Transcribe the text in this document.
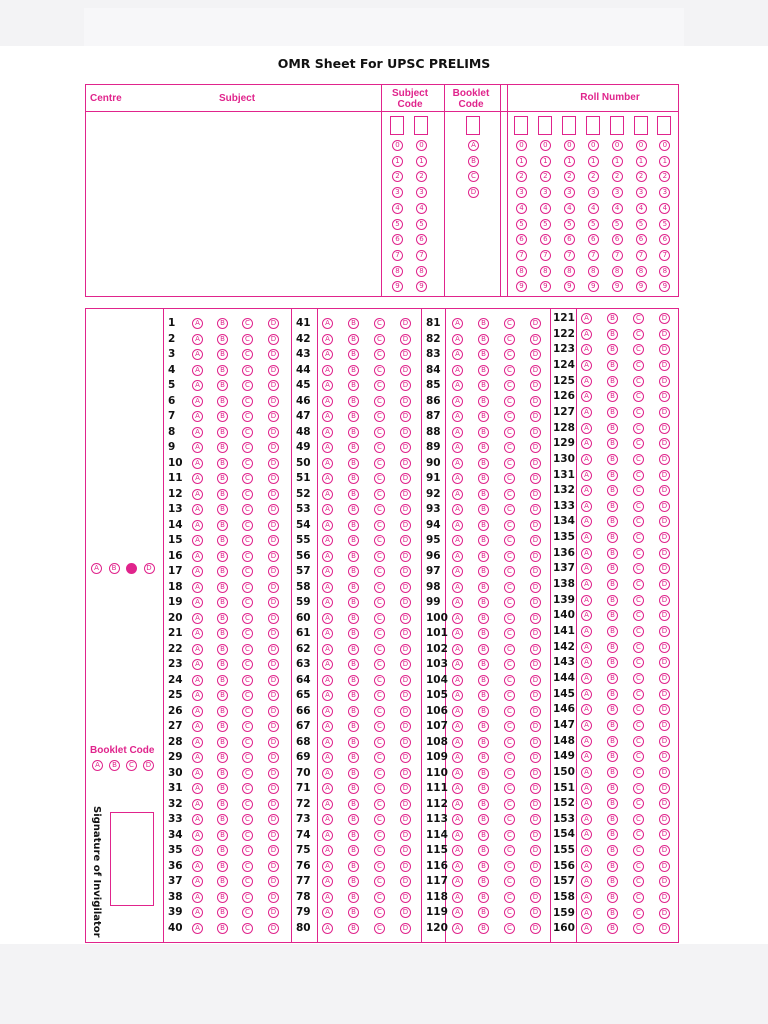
OMR Sheet For UPSC PRELIMS
Centre	Subject	Subject Code
Booklet Code
Roll Number
0
1
2
3
4
5
6
7
8
9
0
1
2
3
4
5
6
7
8
9
A
B
C
D
0
1
2
3
4
5
6
7
8
9
0
1
2
3
4
5
6
7
8
9
0
1
2
3
4
5
6
7
8
9
0
1
2
3
4
5
6
7
8
9
0
1
2
3
4
5
6
7
8
9
0
1
2
3
4
5
6
7
8
9
0
1
2
3
4
5
6
7
8
9
A	B	D
Booklet Code
A	B	C	D
Signature of Invigilator
1	A	B	C	D
2	A	B	C	D
3	A	B	C	D
4	A	B	C	D
5	A	B	C	D
6	A	B	C	D
7	A	B	C	D
8	A	B	C	D
9	A	B	C	D
10	A	B	C	D
11	A	B	C	D
12	A	B	C	D
13	A	B	C	D
14	A	B	C	D
15	A	B	C	D
16	A	B	C	D
17	A	B	C	D
18	A	B	C	D
19	A	B	C	D
20	A	B	C	D
21	A	B	C	D
22	A	B	C	D
23	A	B	C	D
24	A	B	C	D
25	A	B	C	D
26	A	B	C	D
27	A	B	C	D
28	A	B	C	D
29	A	B	C	D
30	A	B	C	D
31	A	B	C	D
32	A	B	C	D
33	A	B	C	D
34	A	B	C	D
35	A	B	C	D
36	A	B	C	D
37	A	B	C	D
38	A	B	C	D
39	A	B	C	D
40	A	B	C	D
41	A	B	C	D
42	A	B	C	D
43	A	B	C	D
44	A	B	C	D
45	A	B	C	D
46	A	B	C	D
47	A	B	C	D
48	A	B	C	D
49	A	B	C	D
50	A	B	C	D
51	A	B	C	D
52	A	B	C	D
53	A	B	C	D
54	A	B	C	D
55	A	B	C	D
56	A	B	C	D
57	A	B	C	D
58	A	B	C	D
59	A	B	C	D
60	A	B	C	D
61	A	B	C	D
62	A	B	C	D
63	A	B	C	D
64	A	B	C	D
65	A	B	C	D
66	A	B	C	D
67	A	B	C	D
68	A	B	C	D
69	A	B	C	D
70	A	B	C	D
71	A	B	C	D
72	A	B	C	D
73	A	B	C	D
74	A	B	C	D
75	A	B	C	D
76	A	B	C	D
77	A	B	C	D
78	A	B	C	D
79	A	B	C	D
80	A	B	C	D
81	A	B	C	D
82	A	B	C	D
83	A	B	C	D
84	A	B	C	D
85	A	B	C	D
86	A	B	C	D
87	A	B	C	D
88	A	B	C	D
89	A	B	C	D
90	A	B	C	D
91	A	B	C	D
92	A	B	C	D
93	A	B	C	D
94	A	B	C	D
95	A	B	C	D
96	A	B	C	D
97	A	B	C	D
98	A	B	C	D
99	A	B	C	D
100	A	B	C	D
101	A	B	C	D
102	A	B	C	D
103	A	B	C	D
104	A	B	C	D
105	A	B	C	D
106	A	B	C	D
107	A	B	C	D
108	A	B	C	D
109	A	B	C	D
110	A	B	C	D
111	A	B	C	D
112	A	B	C	D
113	A	B	C	D
114	A	B	C	D
115	A	B	C	D
116	A	B	C	D
117	A	B	C	D
118	A	B	C	D
119	A	B	C	D
120	A	B	C	D
121	A	B	C	D
122	A	B	C	D
123	A	B	C	D
124	A	B	C	D
125	A	B	C	D
126	A	B	C	D
127	A	B	C	D
128	A	B	C	D
129	A	B	C	D
130	A	B	C	D
131	A	B	C	D
132	A	B	C	D
133	A	B	C	D
134	A	B	C	D
135	A	B	C	D
136	A	B	C	D
137	A	B	C	D
138	A	B	C	D
139	A	B	C	D
140	A	B	C	D
141	A	B	C	D
142	A	B	C	D
143	A	B	C	D
144	A	B	C	D
145	A	B	C	D
146	A	B	C	D
147	A	B	C	D
148	A	B	C	D
149	A	B	C	D
150	A	B	C	D
151	A	B	C	D
152	A	B	C	D
153	A	B	C	D
154	A	B	C	D
155	A	B	C	D
156	A	B	C	D
157	A	B	C	D
158	A	B	C	D
159	A	B	C	D
160	A	B	C	D
